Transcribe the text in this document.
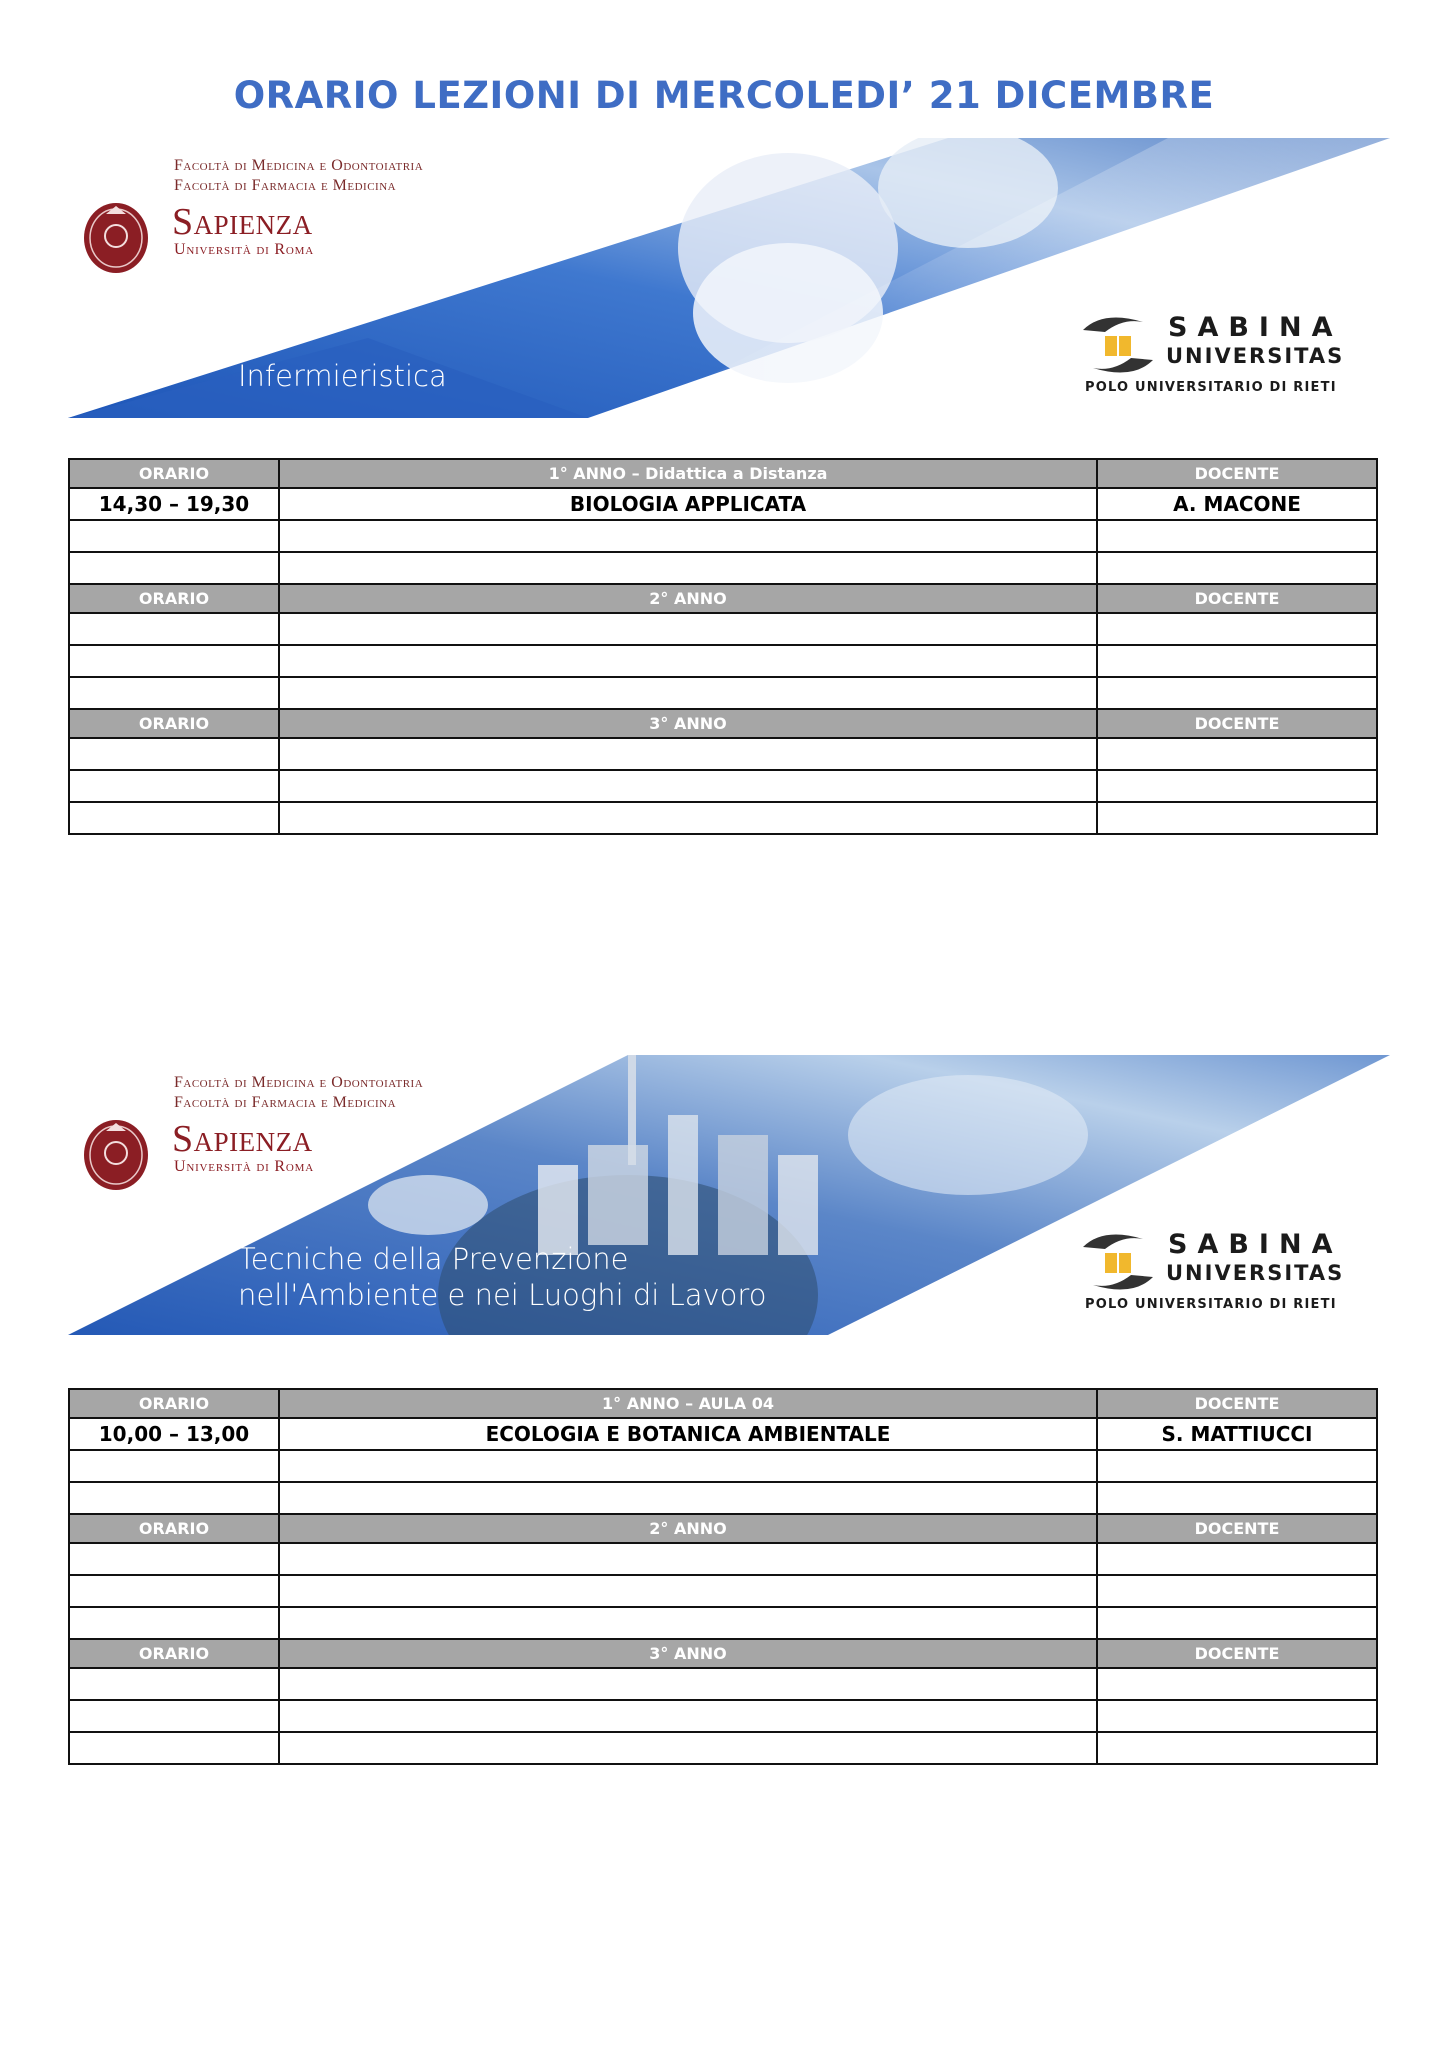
ORARIO LEZIONI DI MERCOLEDI’ 21 DICEMBRE
Facoltà di Medicina e Odontoiatria
Facoltà di Farmacia e Medicina
Sapienza
Università di Roma
Infermieristica
SABINA
UNIVERSITAS
POLO UNIVERSITARIO DI RIETI
ORARIO	1° ANNO – Didattica a Distanza	DOCENTE
14,30 – 19,30	BIOLOGIA APPLICATA	A. MACONE

ORARIO	2° ANNO	DOCENTE

ORARIO	3° ANNO	DOCENTE

Facoltà di Medicina e Odontoiatria
Facoltà di Farmacia e Medicina
Sapienza
Università di Roma
Tecniche della Prevenzione
nell'Ambiente e nei Luoghi di Lavoro
SABINA
UNIVERSITAS
POLO UNIVERSITARIO DI RIETI
ORARIO	1° ANNO – AULA 04	DOCENTE
10,00 – 13,00	ECOLOGIA E BOTANICA AMBIENTALE	S. MATTIUCCI

ORARIO	2° ANNO	DOCENTE

ORARIO	3° ANNO	DOCENTE
